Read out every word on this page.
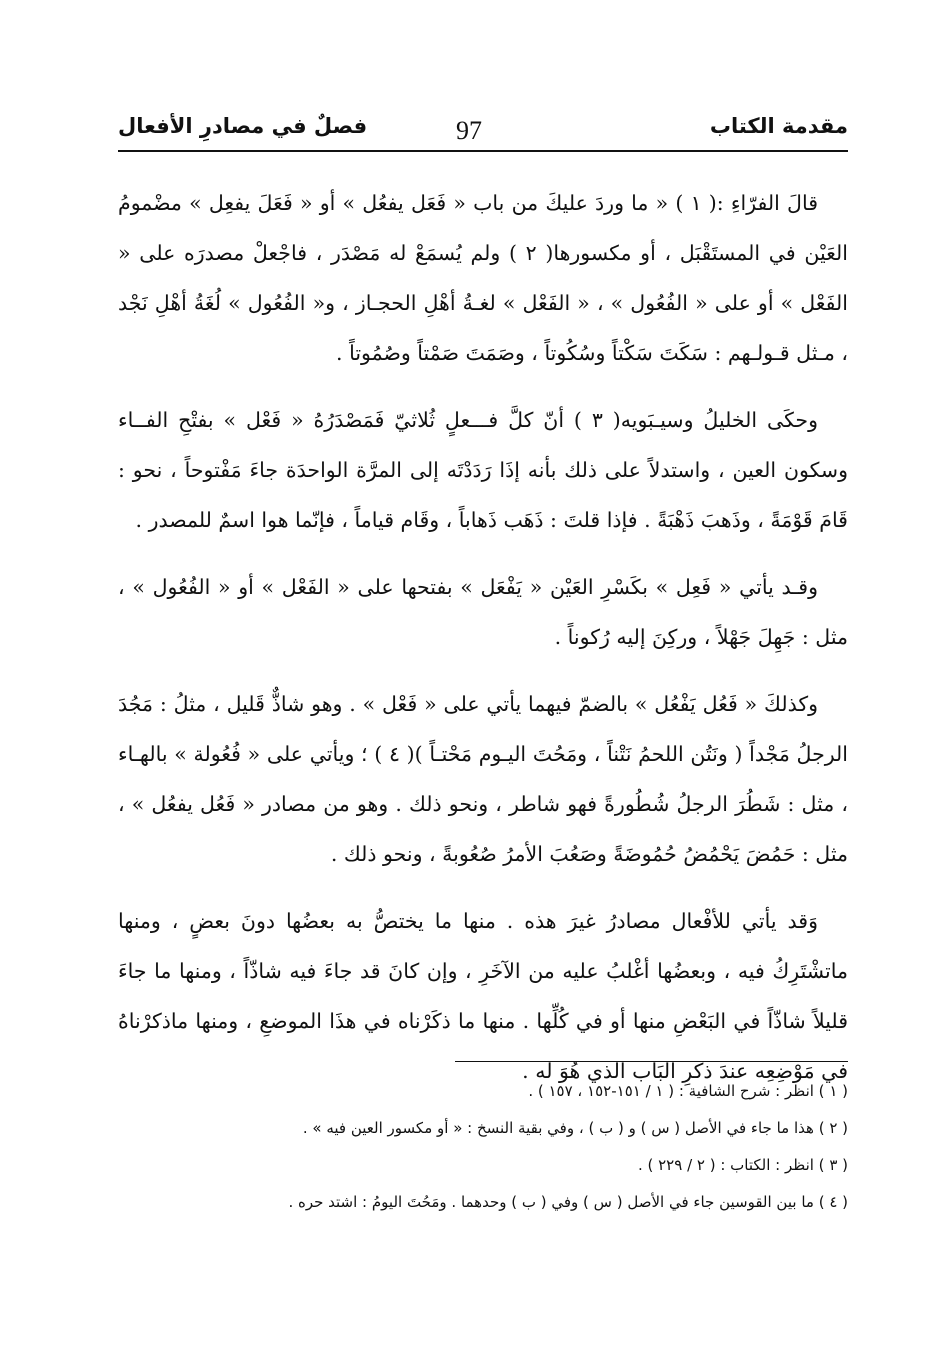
مقدمة الكتاب
97
فصلٌ في مصادرِ الأفعال

قالَ الفرّاءِ :( ١ ) « ما وردَ عليكَ من باب « فَعَل يفعُل » أو « فَعَلَ يفعِل » مضْمومُ العَيْن في المستَقْبَل ، أو مكسورها( ٢ ) ولم يُسمَعْ له مَصْدَر ، فاجْعلْ مصدرَه على « الفَعْل » أو على « الفُعُول » ، « الفَعْل » لغـةُ أهْلِ الحجـاز ، و« الفُعُول » لُغَةُ أهْلِ نَجْد ، مـثل قـولـهم : سَكَتَ سَكْتاً وسُكُوتاً ، وصَمَتَ صَمْتاً وصُمُوتاً .

وحكَى الخليلُ وسيـبَويه( ٣ ) أنّ كلَّ فـــعلٍ ثُلاثيّ فَمَصْدَرُهُ « فَعْل » بفتْحِ الفــاء وسكون العين ، واستدلاً على ذلك بأنه إذَا رَدَدْتَه إلى المرَّة الواحدَة جاءَ مَفْتوحاً ، نحو : قَامَ قَوْمَةً ، وذَهبَ ذَهْبَةً . فإذا قلتَ : ذَهَب ذَهاباً ، وقَام قياماً ، فإنّما هوا اسمٌ للمصدر .

وقـد يأتي « فَعِل » بكَسْرِ العَيْن « يَفْعَل » بفتحها على « الفَعْل » أو « الفُعُول » ، مثل : جَهِلَ جَهْلاً ، وركِنَ إليه رُكوناً .

وكذلكَ « فَعُل يَفْعُل » بالضمّ فيهما يأتي على « فَعْل » . وهو شاذٌّ قَليل ، مثلُ : مَجُدَ الرجلُ مَجْداً ( ونَتُن اللحمُ نَتْناً ، ومَحُتَ اليـوم مَحْتـاً )( ٤ ) ؛ ويأتي على « فُعُولة » بالهـاء ، مثل : شَطُرَ الرجلُ شُطُورةً فهو شاطر ، ونحو ذلك . وهو من مصادر « فَعُل يفعُل » ، مثل : حَمُضَ يَحْمُضُ حُمُوضَةً وصَعُبَ الأمرُ صُعُوبةً ، ونحو ذلك .

وَقد يأتي للأفْعال مصادرُ غيرَ هذه . منها ما يختصُّ به بعضُها دونَ بعضٍ ، ومنها ماتشْتَرِكُ فيه ، وبعضُها أغْلبُ عليه من الآخَرِ ، وإن كانَ قد جاءَ فيه شاذّاً ، ومنها ما جاءَ قليلاً شاذّاً في البَعْضِ منها أو في كُلِّها . منها ما ذكَرْناه في هذَا الموضعِ ، ومنها ماذكرْناهُ في مَوْضِعِه عندَ ذكرِ البَاب الذي هُوَ له .

( ١ ) انظر : شرح الشافية : ( ١ / ١٥١-١٥٢ ، ١٥٧ ) .

( ٢ ) هذا ما جاء في الأصل ( س ) و ( ب ) ، وفي بقية النسخ : « أو مكسور العين فيه » .

( ٣ ) انظر : الكتاب : ( ٢ / ٢٢٩ ) .

( ٤ ) ما بين القوسين جاء في الأصل ( س ) وفي ( ب ) وحدهما . ومَحُتَ اليومُ : اشتد حره .
